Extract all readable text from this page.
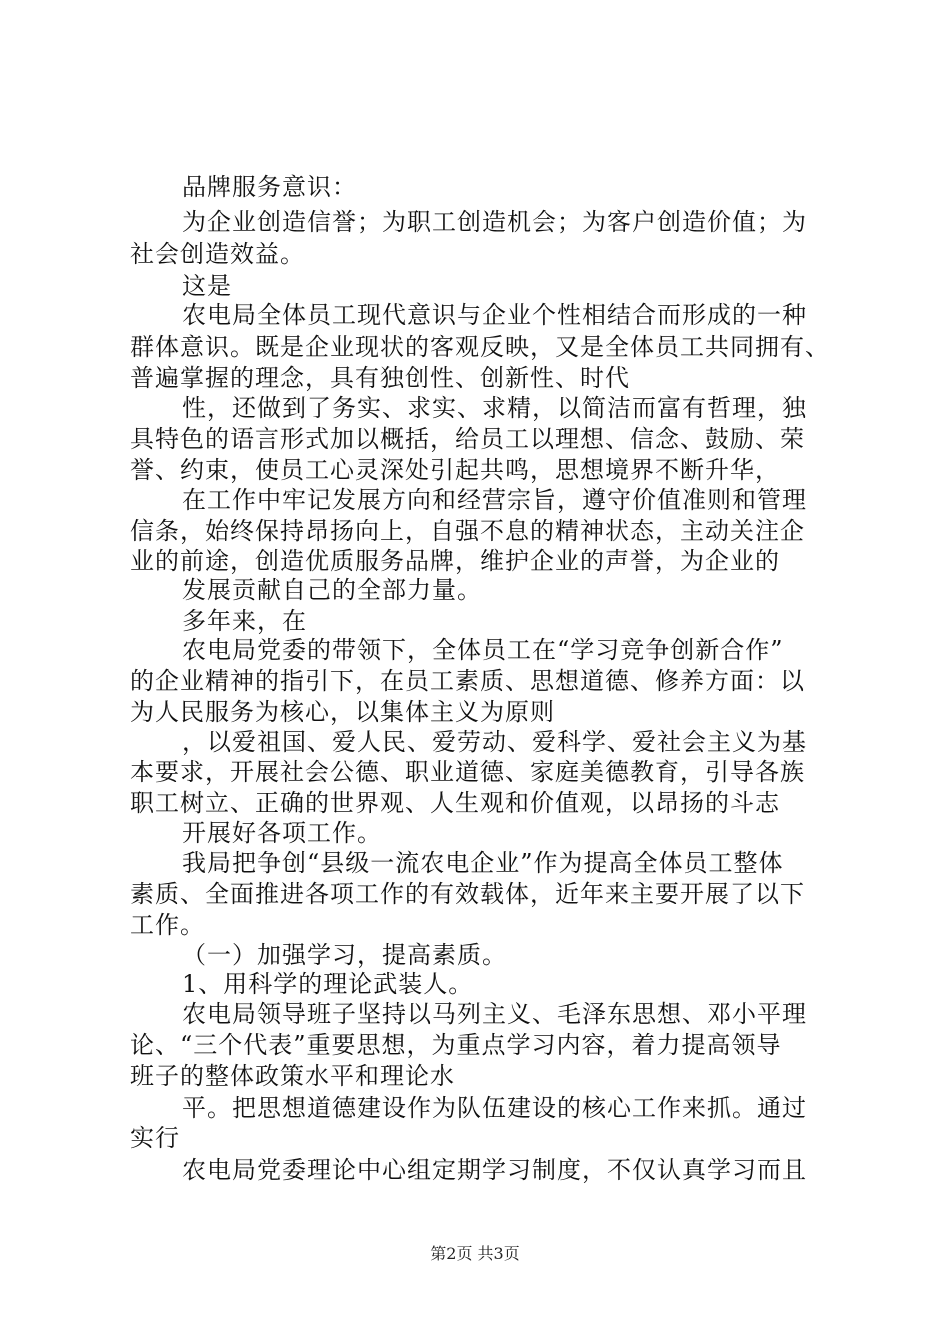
品牌服务意识：
为企业创造信誉；为职工创造机会；为客户创造价值；为
社会创造效益。
这是
农电局全体员工现代意识与企业个性相结合而形成的一种
群体意识。既是企业现状的客观反映，又是全体员工共同拥有、
普遍掌握的理念，具有独创性、创新性、时代
性，还做到了务实、求实、求精，以简洁而富有哲理，独
具特色的语言形式加以概括，给员工以理想、信念、鼓励、荣
誉、约束，使员工心灵深处引起共鸣，思想境界不断升华，
在工作中牢记发展方向和经营宗旨，遵守价值准则和管理
信条，始终保持昂扬向上，自强不息的精神状态，主动关注企
业的前途，创造优质服务品牌，维护企业的声誉，为企业的
发展贡献自己的全部力量。
多年来，在
农电局党委的带领下，全体员工在“学习竞争创新合作”
的企业精神的指引下，在员工素质、思想道德、修养方面：以
为人民服务为核心，以集体主义为原则
，以爱祖国、爱人民、爱劳动、爱科学、爱社会主义为基
本要求，开展社会公德、职业道德、家庭美德教育，引导各族
职工树立、正确的世界观、人生观和价值观，以昂扬的斗志
开展好各项工作。
我局把争创“县级一流农电企业”作为提高全体员工整体
素质、全面推进各项工作的有效载体，近年来主要开展了以下
工作。
（一）加强学习，提高素质。
1、用科学的理论武装人。
农电局领导班子坚持以马列主义、毛泽东思想、邓小平理
论、“三个代表”重要思想，为重点学习内容，着力提高领导
班子的整体政策水平和理论水
平。把思想道德建设作为队伍建设的核心工作来抓。通过
实行
农电局党委理论中心组定期学习制度，不仅认真学习而且
第2页 共3页
